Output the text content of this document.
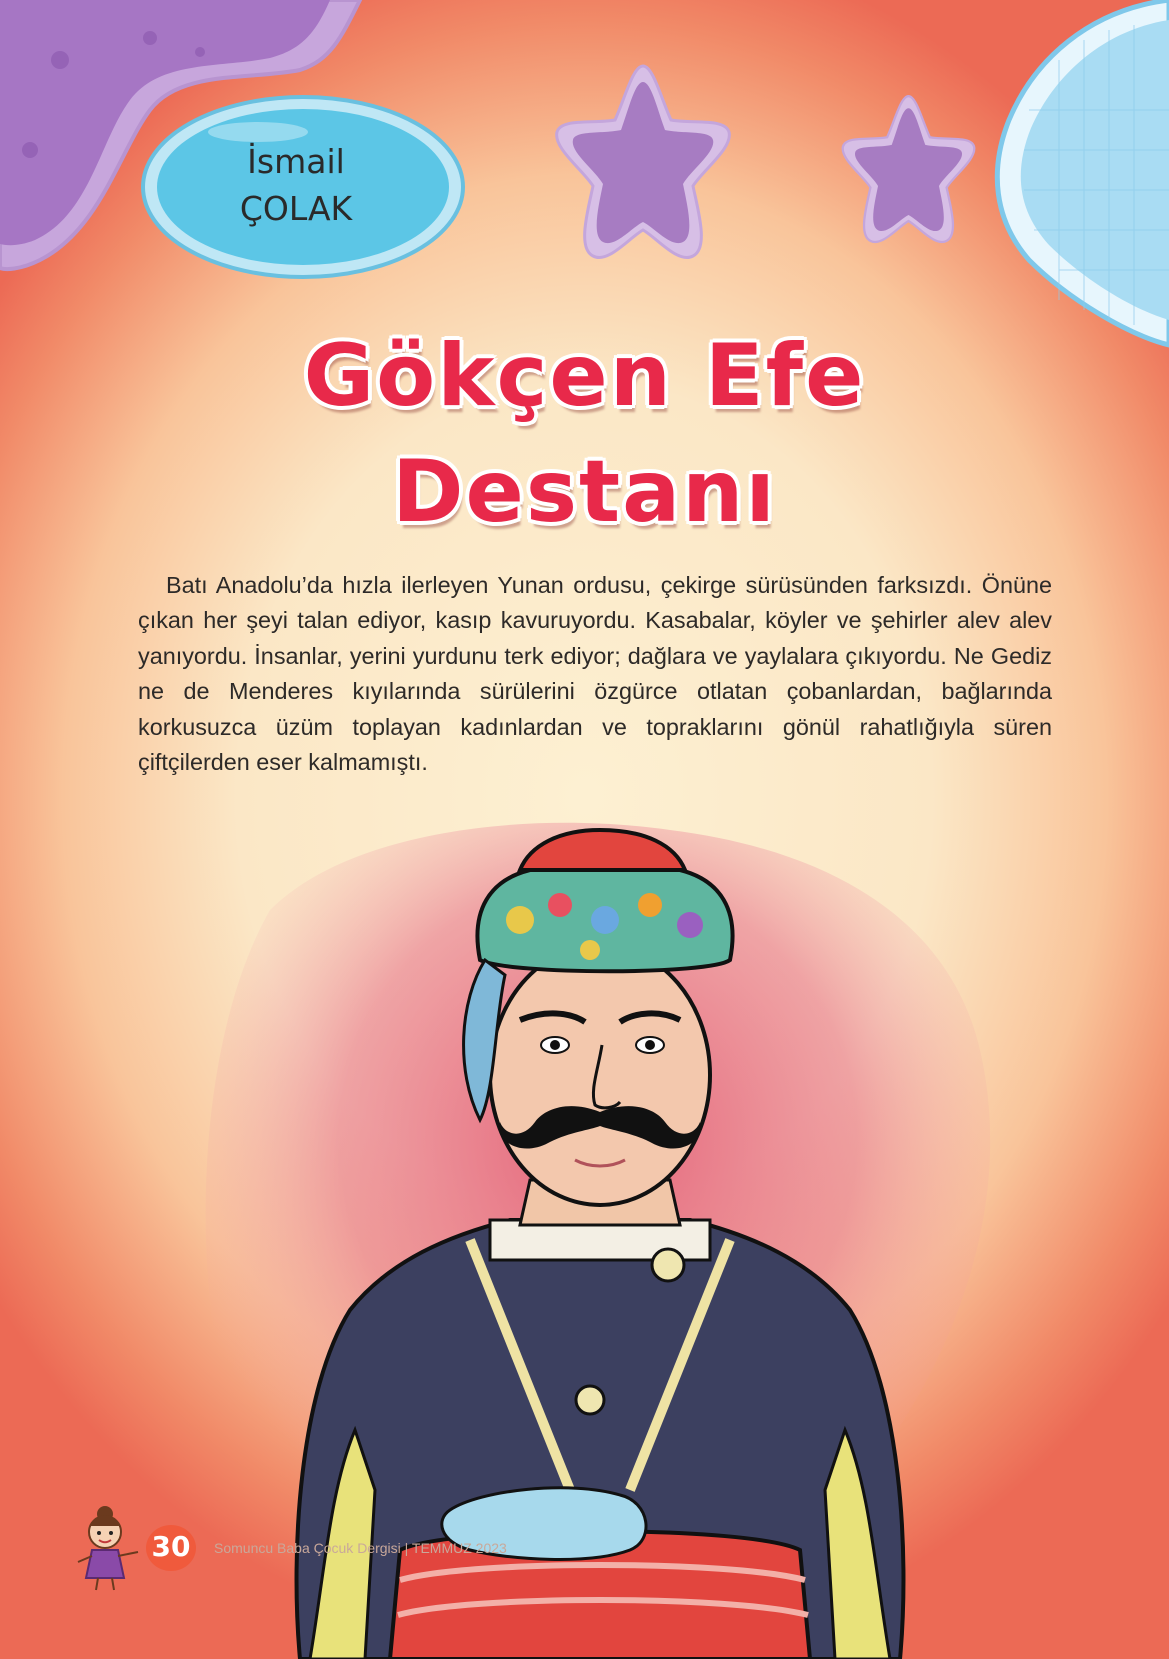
İsmail
ÇOLAK
Gökçen Efe
Destanı
Batı Anadolu’da hızla ilerleyen Yunan ordusu, çekirge sürüsünden farksızdı. Önüne çıkan her şeyi talan ediyor, kasıp kavuruyordu. Kasabalar, köyler ve şehirler alev alev yanıyordu. İnsanlar, yerini yurdunu terk ediyor; dağlara ve yaylalara çıkıyordu. Ne Gediz ne de Menderes kıyılarında sürülerini özgürce otlatan çobanlardan, bağlarında korkusuzca üzüm toplayan kadınlardan ve topraklarını gönül rahatlığıyla süren çiftçilerden eser kalmamıştı.
30	Somuncu Baba Çocuk Dergisi | TEMMUZ 2023
